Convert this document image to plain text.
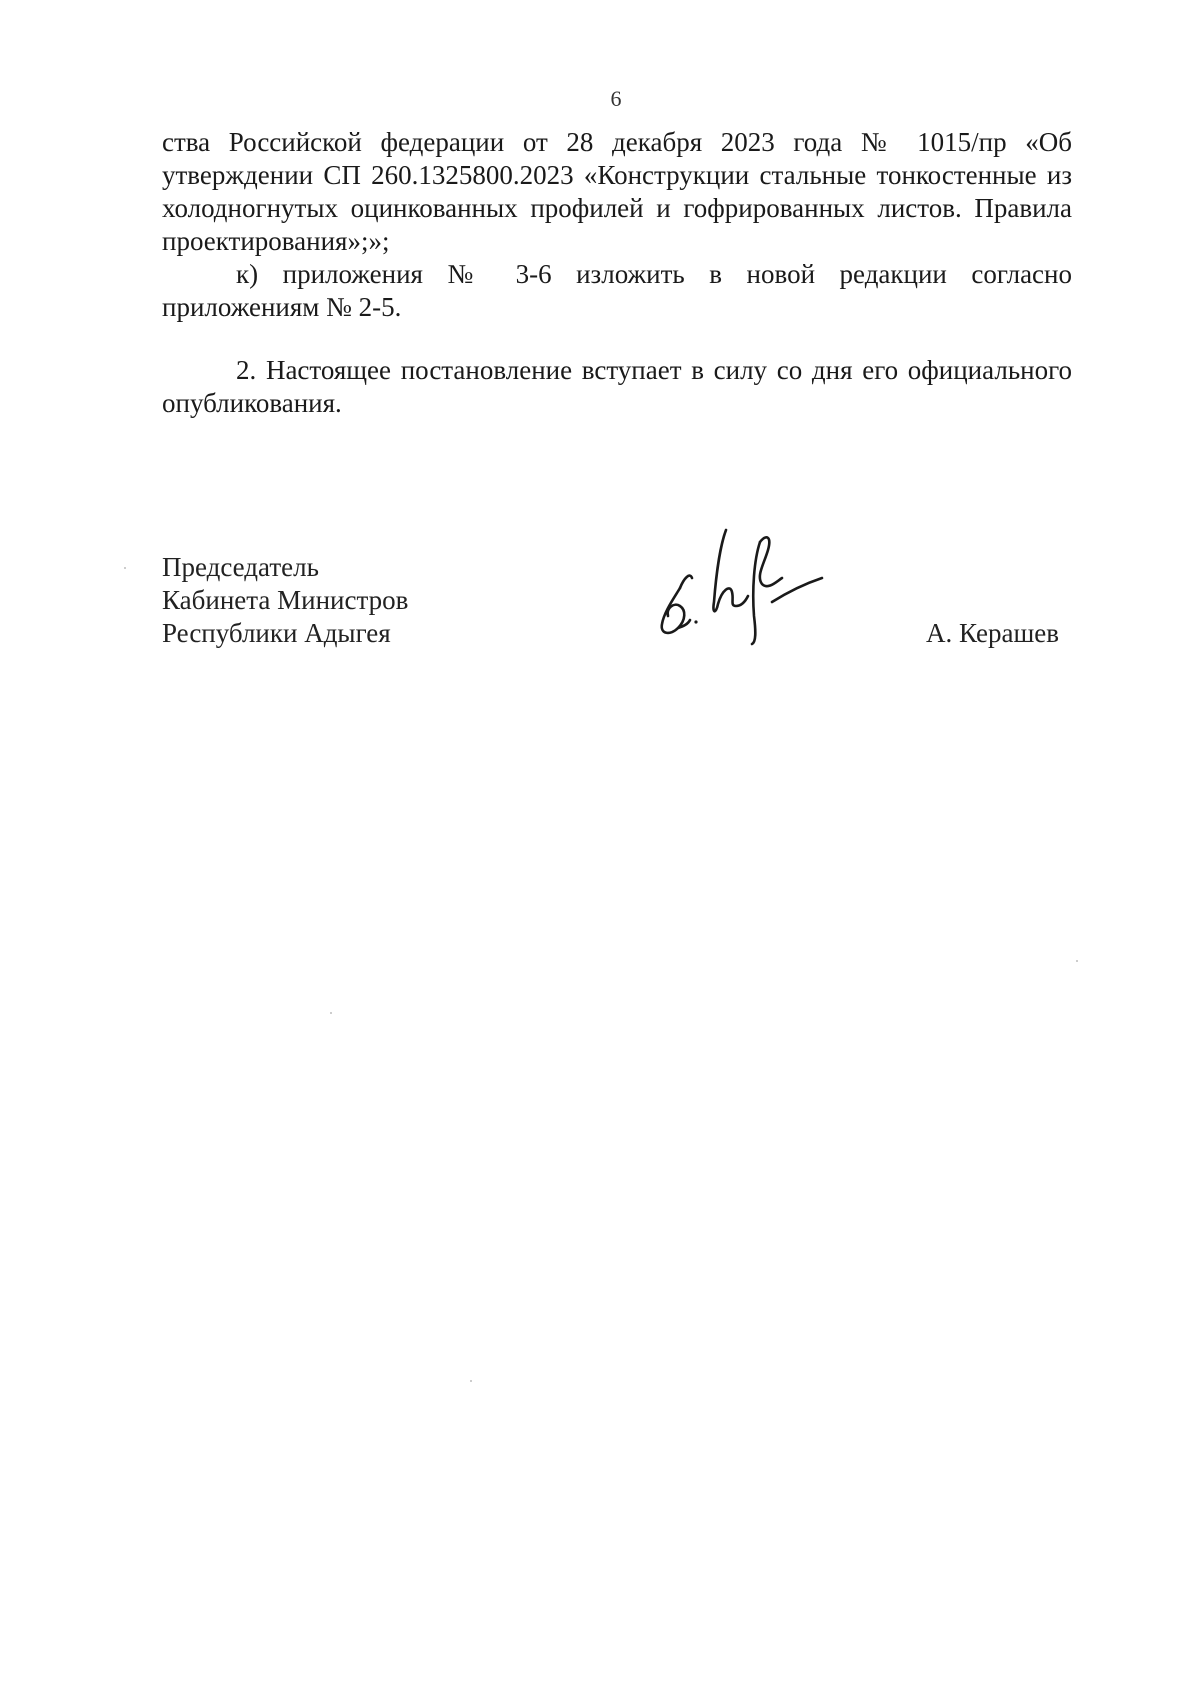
6

ства Российской федерации от 28 декабря 2023 года № 1015/пр «Об утверждении СП 260.1325800.2023 «Конструкции стальные тонкостенные из холодногнутых оцинкованных профилей и гофрированных листов. Правила проектирования»;»;

к) приложения № 3-6 изложить в новой редакции согласно приложениям № 2-5.

2. Настоящее постановление вступает в силу со дня его официального опубликования.

Председатель
Кабинета Министров
Республики Адыгея	А. Керашев
